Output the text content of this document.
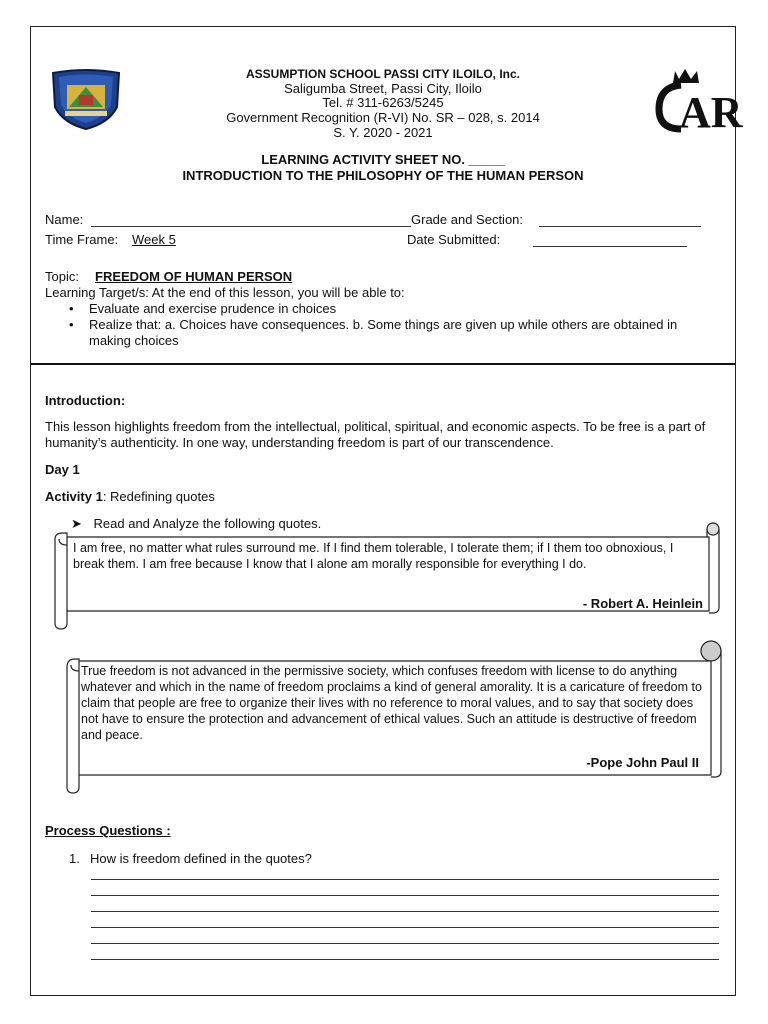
AR
ASSUMPTION SCHOOL PASSI CITY ILOILO, Inc.
Saligumba Street, Passi City, Iloilo
Tel. # 311-6263/5245
Government Recognition (R-VI) No. SR – 028, s. 2014
S. Y. 2020 - 2021
LEARNING ACTIVITY SHEET NO. _____
INTRODUCTION TO THE PHILOSOPHY OF THE HUMAN PERSON
Name:	Grade and Section:
Time Frame: Week 5	Date Submitted:
Topic: FREEDOM OF HUMAN PERSON
Learning Target/s: At the end of this lesson, you will be able to:
• Evaluate and exercise prudence in choices
• Realize that: a. Choices have consequences. b. Some things are given up while others are obtained in making choices
Introduction:
This lesson highlights freedom from the intellectual, political, spiritual, and economic aspects. To be free is a part of humanity’s authenticity. In one way, understanding freedom is part of our transcendence.
Day 1
Activity 1: Redefining quotes
➤ Read and Analyze the following quotes.
I am free, no matter what rules surround me. If I find them tolerable, I tolerate them; if I them too obnoxious, I break them. I am free because I know that I alone am morally responsible for everything I do.
- Robert A. Heinlein
True freedom is not advanced in the permissive society, which confuses freedom with license to do anything whatever and which in the name of freedom proclaims a kind of general amorality. It is a caricature of freedom to claim that people are free to organize their lives with no reference to moral values, and to say that society does not have to ensure the protection and advancement of ethical values. Such an attitude is destructive of freedom and peace.
-Pope John Paul II
Process Questions :
1. How is freedom defined in the quotes?
